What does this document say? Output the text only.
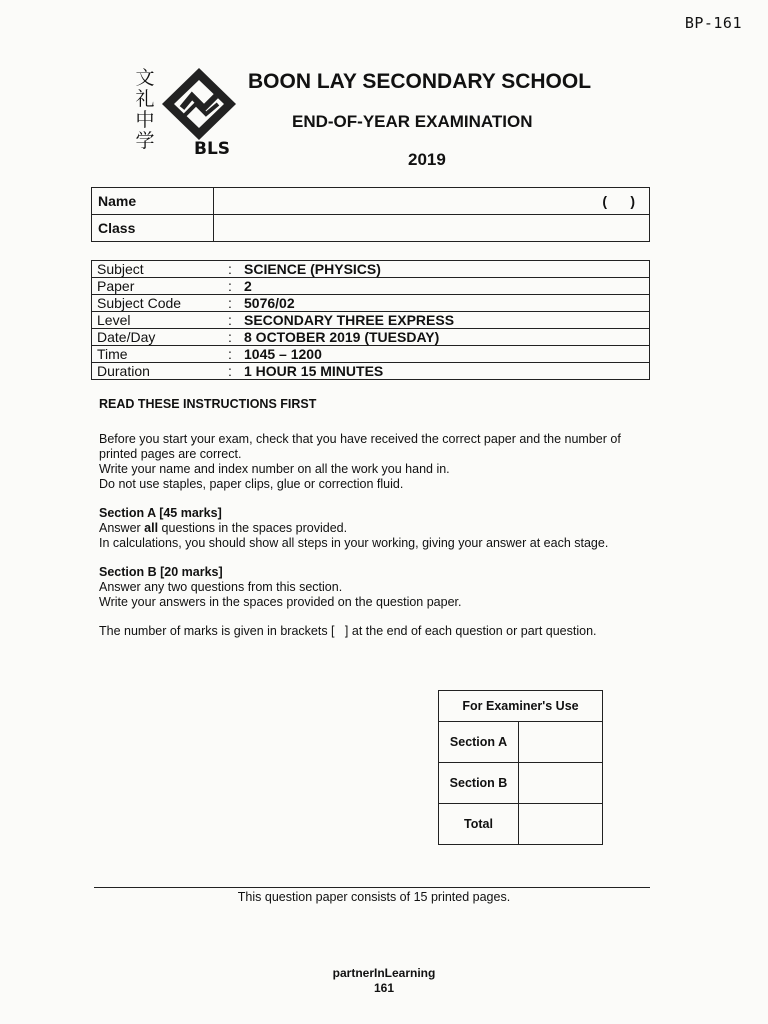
BP-161
文
礼
中
学 BLS
BOON LAY SECONDARY SCHOOL
END-OF-YEAR EXAMINATION
2019
Name	(      )
Class	
Subject	:	SCIENCE (PHYSICS)
Paper	:	2
Subject Code	:	5076/02
Level	:	SECONDARY THREE EXPRESS
Date/Day	:	8 OCTOBER 2019 (TUESDAY)
Time	:	1045 – 1200
Duration	:	1 HOUR 15 MINUTES
READ THESE INSTRUCTIONS FIRST

Before you start your exam, check that you have received the correct paper and the number of printed pages are correct.
Write your name and index number on all the work you hand in.
Do not use staples, paper clips, glue or correction fluid.

Section A [45 marks]
Answer all questions in the spaces provided.
In calculations, you should show all steps in your working, giving your answer at each stage.

Section B [20 marks]
Answer any two questions from this section.
Write your answers in the spaces provided on the question paper.

The number of marks is given in brackets [   ] at the end of each question or part question.

For Examiner's Use	
Section A	
Section B	
Total	
This question paper consists of 15 printed pages.
partnerInLearning
161
